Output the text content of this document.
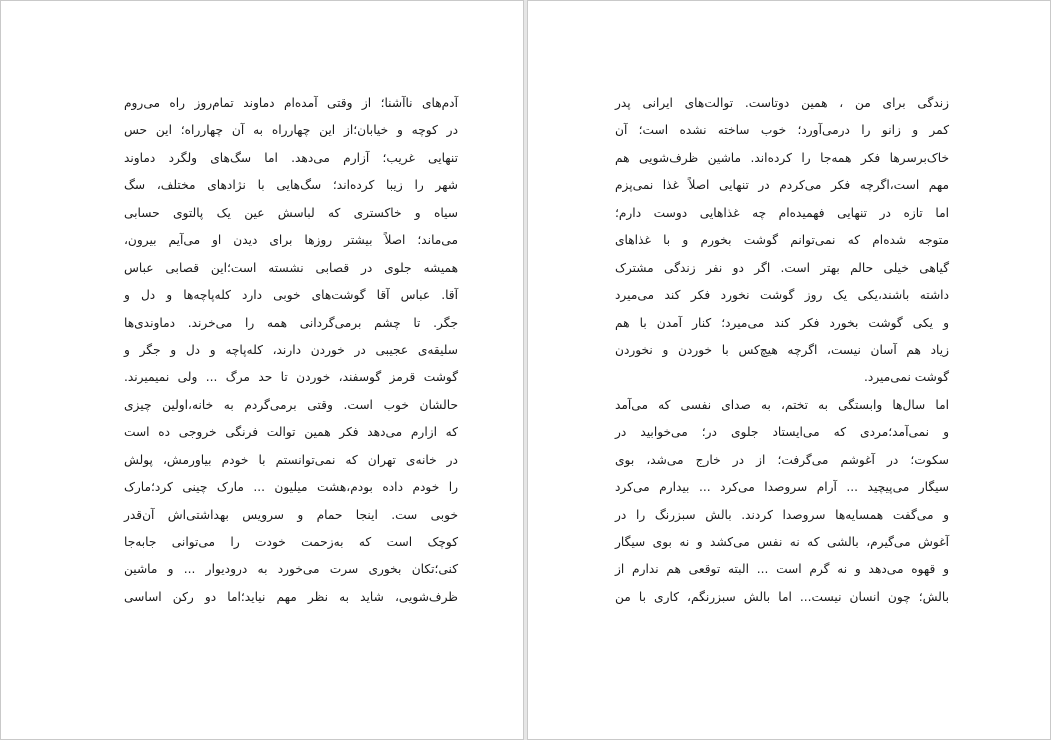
آدم‌های ناآشنا؛ از وقتی آمده‌ام دماوند تمام‌روز راه می‌روم
در کوچه و خیابان؛از این چهارراه به آن چهارراه؛ این حس
تنهایی غریب؛ آزارم می‌دهد. اما سگ‌های ولگرد دماوند
شهر را زیبا کرده‌اند؛ سگ‌هایی با نژادهای مختلف، سگ
سیاه و خاکستری که لباسش عین یک پالتوی حسابی
می‌ماند؛ اصلاً بیشتر روزها برای دیدن او می‌آیم بیرون،
همیشه جلوی در قصابی نشسته است؛این قصابی عباس
آقا. عباس آقا گوشت‌های خوبی دارد کله‌پاچه‌ها و دل و
جگر. تا چشم برمی‌گردانی همه را می‌خرند. دماوندی‌ها
سلیقه‌ی عجیبی در خوردن دارند، کله‌پاچه و دل و جگر و
گوشت قرمز گوسفند، خوردن تا حد مرگ ... ولی نمیمیرند.
حالشان خوب است. وقتی برمی‌گردم به خانه،اولین چیزی
که ازارم می‌دهد فکر همین توالت فرنگی خروجی ده است
در خانه‌ی تهران که نمی‌توانستم با خودم بیاورمش، پولش
را خودم داده بودم،هشت میلیون ... مارک چینی کرد؛مارک
خوبی ست. اینجا حمام و سرویس بهداشتی‌اش آن‌قدر
کوچک است که به‌زحمت خودت را می‌توانی جابه‌جا
کنی؛تکان بخوری سرت می‌خورد به درودیوار ... و ماشین
ظرف‌شویی، شاید به نظر مهم نیاید؛اما دو رکن اساسی
زندگی برای من ، همین دوتاست. توالت‌های ایرانی پدر
کمر و زانو را درمی‌آورد؛ خوب ساخته نشده است؛ آن
خاک‌برسرها فکر همه‌جا را کرده‌اند. ماشین ظرف‌شویی هم
مهم است،اگرچه فکر می‌کردم در تنهایی اصلاً غذا نمی‌پزم
اما تازه در تنهایی فهمیده‌ام چه غذاهایی دوست دارم؛
متوجه شده‌ام که نمی‌توانم گوشت بخورم و با غذاهای
گیاهی خیلی حالم بهتر است. اگر دو نفر زندگی مشترک
داشته باشند،یکی یک روز گوشت نخورد فکر کند می‌میرد
و یکی گوشت بخورد فکر کند می‌میرد؛ کنار آمدن با هم
زیاد هم آسان نیست، اگرچه هیچ‌کس با خوردن و نخوردن
گوشت نمی‌میرد.
اما سال‌ها وابستگی به تختم، به صدای نفسی که می‌آمد
و نمی‌آمد؛مردی که می‌ایستاد جلوی در؛ می‌خوابید در
سکوت؛ در آغوشم می‌گرفت؛ از در خارج می‌شد، بوی
سیگار می‌پیچید ... آرام سروصدا می‌کرد ... بیدارم می‌کرد
و می‌گفت همسایه‌ها سروصدا کردند. بالش سبزرنگ را در
آغوش می‌گیرم، بالشی که نه نفس می‌کشد و نه بوی سیگار
و قهوه می‌دهد و نه گرم است ... البته توقعی هم ندارم از
بالش؛ چون انسان نیست... اما بالش سبزرنگم، کاری با من
